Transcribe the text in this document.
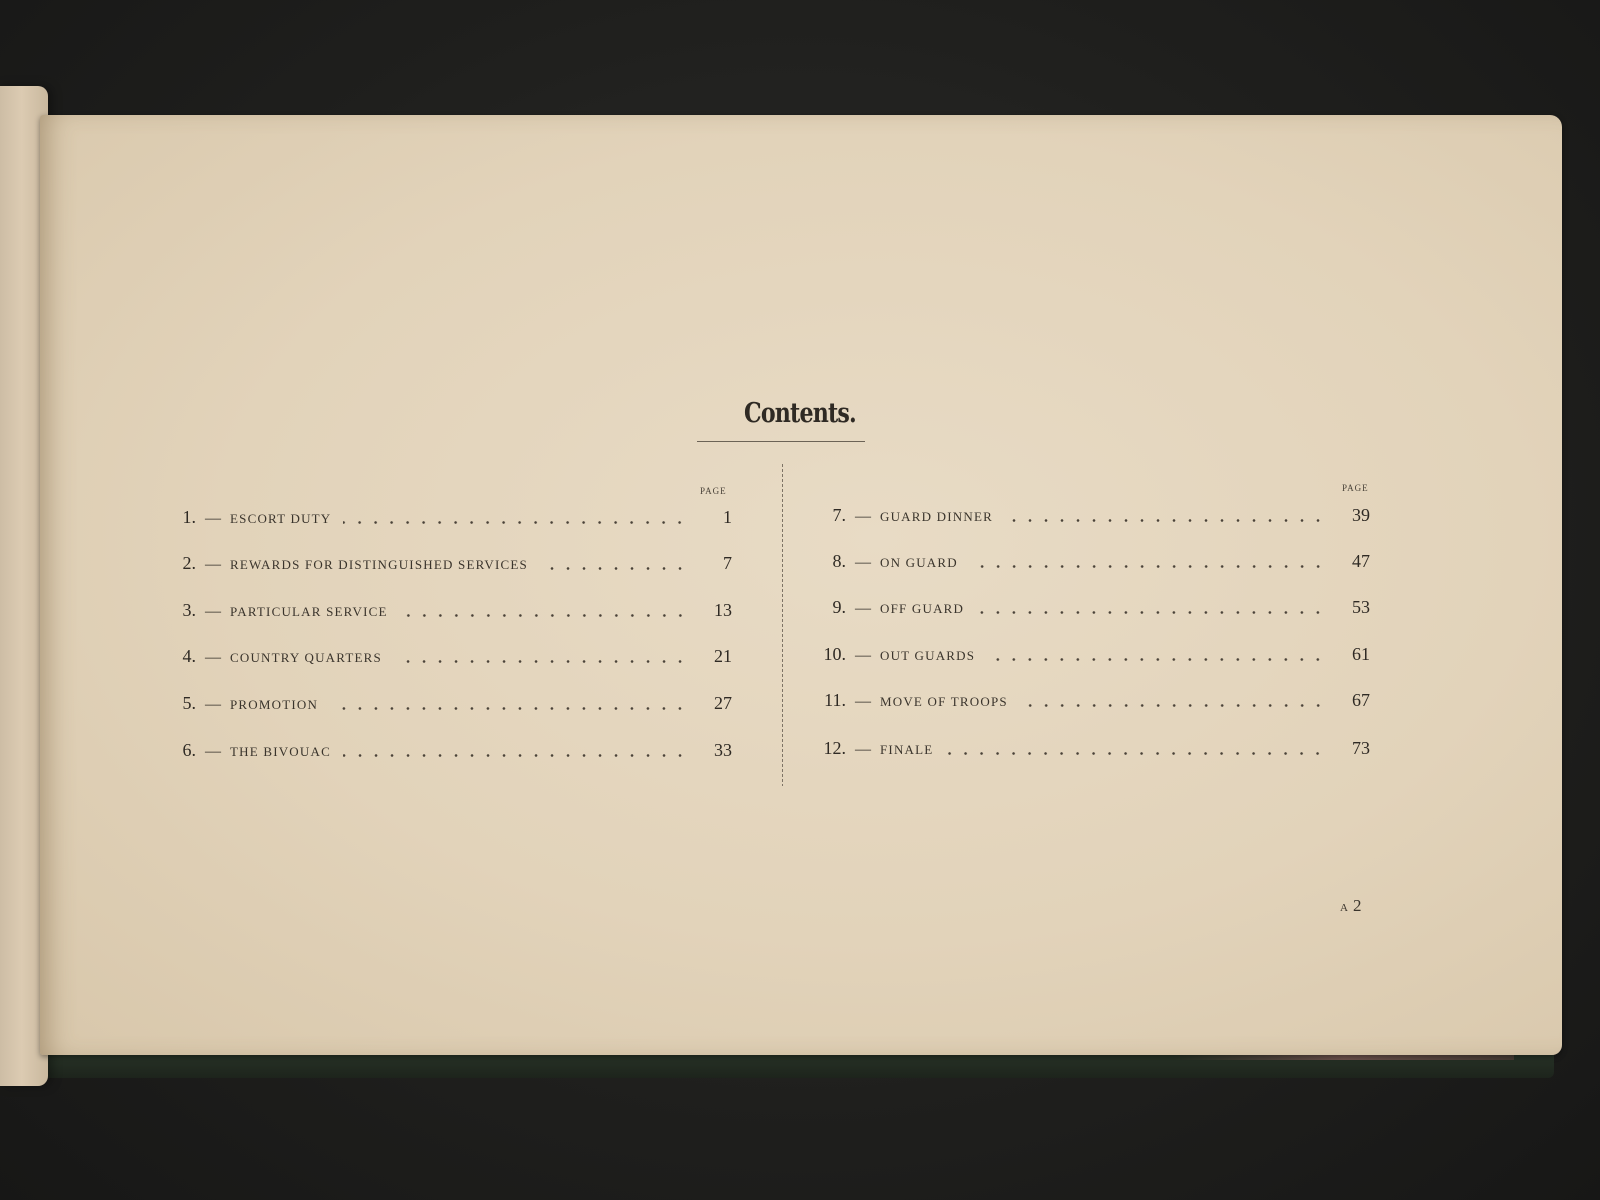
Contents.
PAGE	PAGE
1. — ESCORT DUTY	1
2. — REWARDS FOR DISTINGUISHED SERVICES	7
3. — PARTICULAR SERVICE	13
4. — COUNTRY QUARTERS	21
5. — PROMOTION	27
6. — THE BIVOUAC	33
7. — GUARD DINNER	39
8. — ON GUARD	47
9. — OFF GUARD	53
10. — OUT GUARDS	61
11. — MOVE OF TROOPS	67
12. — FINALE	73
A 2
